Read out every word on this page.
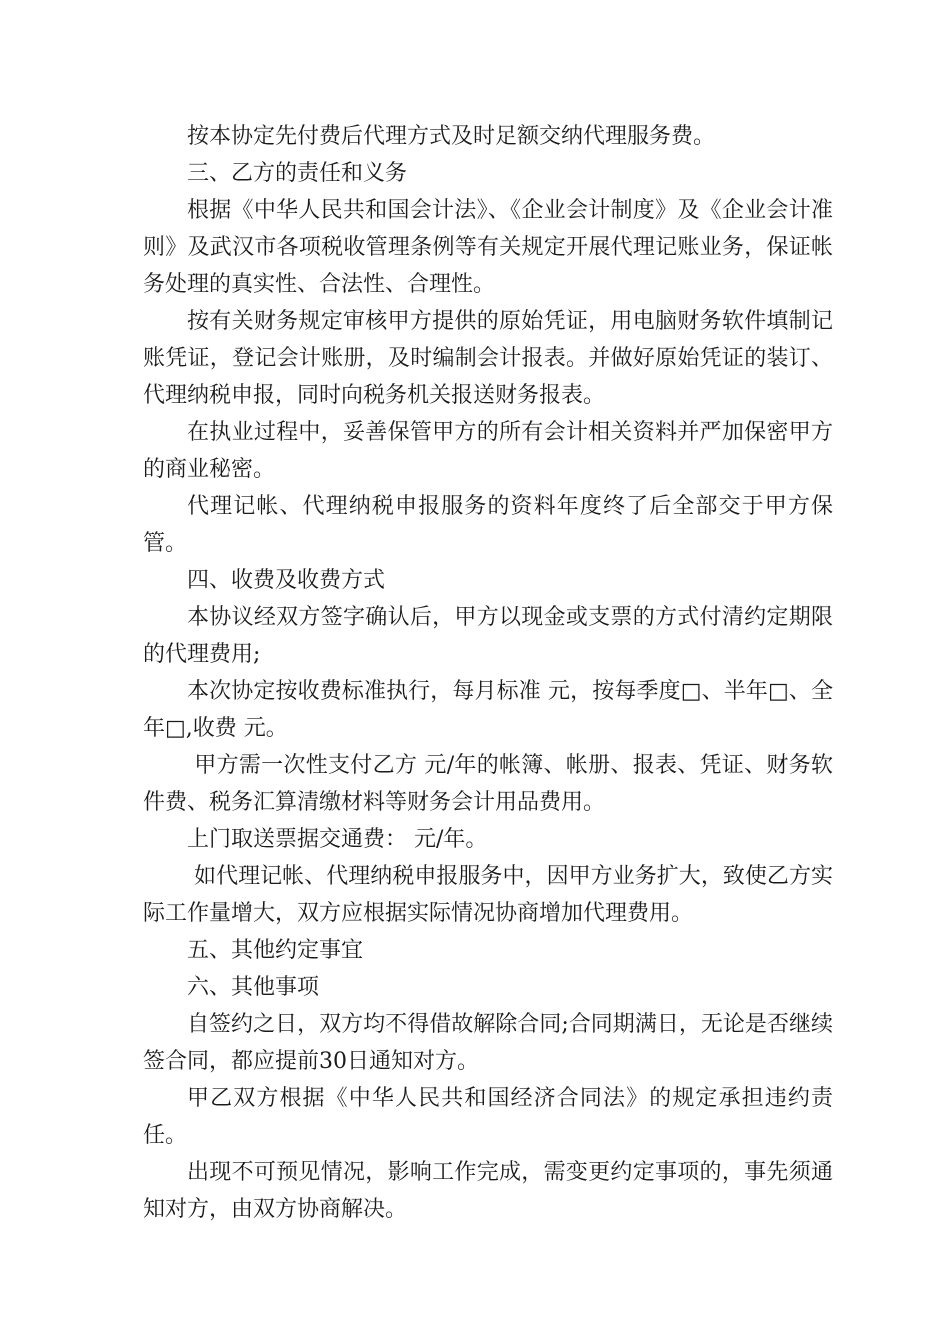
按本协定先付费后代理方式及时足额交纳代理服务费。

三、乙方的责任和义务

根据《中华人民共和国会计法》、《企业会计制度》及《企业会计准则》及武汉市各项税收管理条例等有关规定开展代理记账业务，保证帐务处理的真实性、合法性、合理性。

按有关财务规定审核甲方提供的原始凭证，用电脑财务软件填制记账凭证，登记会计账册，及时编制会计报表。并做好原始凭证的装订、代理纳税申报，同时向税务机关报送财务报表。

在执业过程中，妥善保管甲方的所有会计相关资料并严加保密甲方的商业秘密。

代理记帐、代理纳税申报服务的资料年度终了后全部交于甲方保管。

四、收费及收费方式

本协议经双方签字确认后，甲方以现金或支票的方式付清约定期限的代理费用;

本次协定按收费标准执行，每月标准 元，按每季度□、半年□、全年□,收费 元。

甲方需一次性支付乙方 元/年的帐簿、帐册、报表、凭证、财务软件费、税务汇算清缴材料等财务会计用品费用。

上门取送票据交通费： 元/年。

如代理记帐、代理纳税申报服务中，因甲方业务扩大，致使乙方实际工作量增大，双方应根据实际情况协商增加代理费用。

五、其他约定事宜

六、其他事项

自签约之日，双方均不得借故解除合同;合同期满日，无论是否继续签合同，都应提前30日通知对方。

甲乙双方根据《中华人民共和国经济合同法》的规定承担违约责任。

出现不可预见情况，影响工作完成，需变更约定事项的，事先须通知对方，由双方协商解决。
